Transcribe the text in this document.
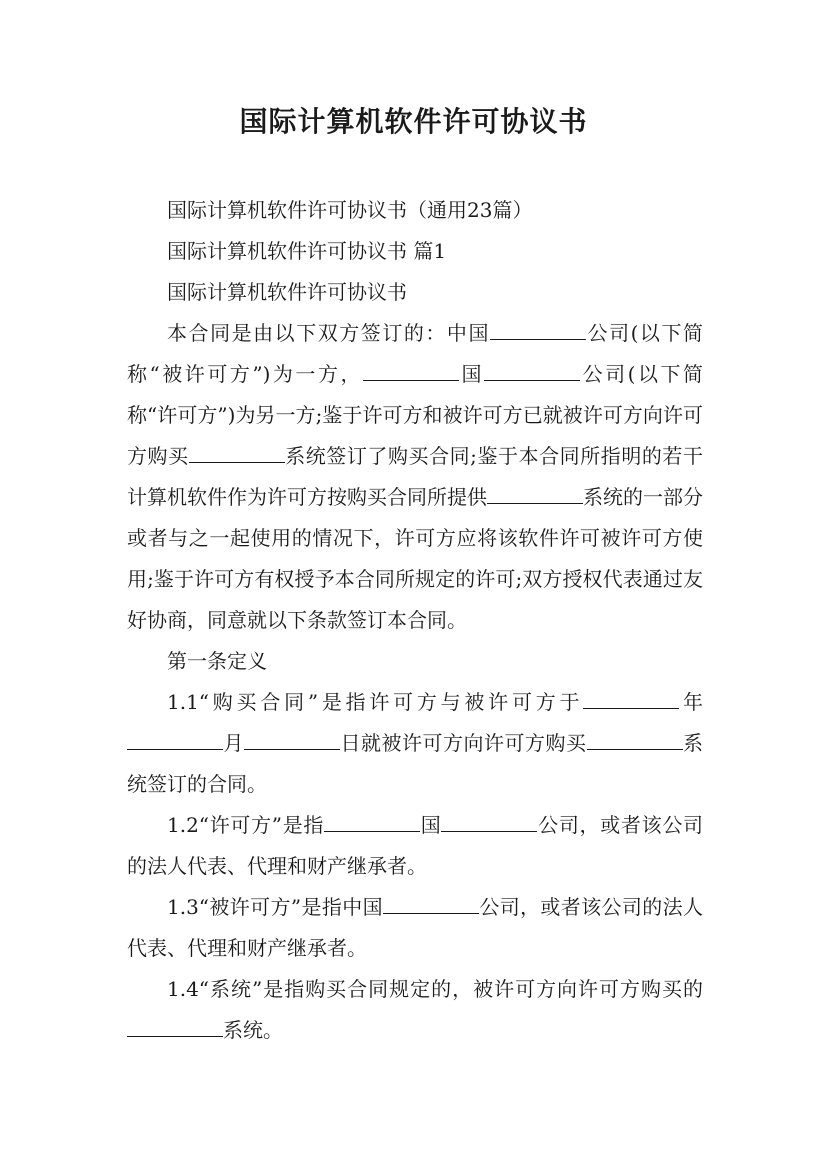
国际计算机软件许可协议书

国际计算机软件许可协议书（通用23篇）

国际计算机软件许可协议书 篇1

国际计算机软件许可协议书

本合同是由以下双方签订的：中国	公司(以下简称“被许可方”)为一方，	国	公司(以下简称“许可方”)为另一方;鉴于许可方和被许可方已就被许可方向许可方购买	系统签订了购买合同;鉴于本合同所指明的若干计算机软件作为许可方按购买合同所提供	系统的一部分或者与之一起使用的情况下，许可方应将该软件许可被许可方使用;鉴于许可方有权授予本合同所规定的许可;双方授权代表通过友好协商，同意就以下条款签订本合同。

第一条定义

1.1“购买合同”是指许可方与被许可方于	年月	日就被许可方向许可方购买	系统签订的合同。

1.2“许可方”是指	国	公司，或者该公司的法人代表、代理和财产继承者。

1.3“被许可方”是指中国	公司，或者该公司的法人代表、代理和财产继承者。

1.4“系统”是指购买合同规定的，被许可方向许可方购买的系统。
